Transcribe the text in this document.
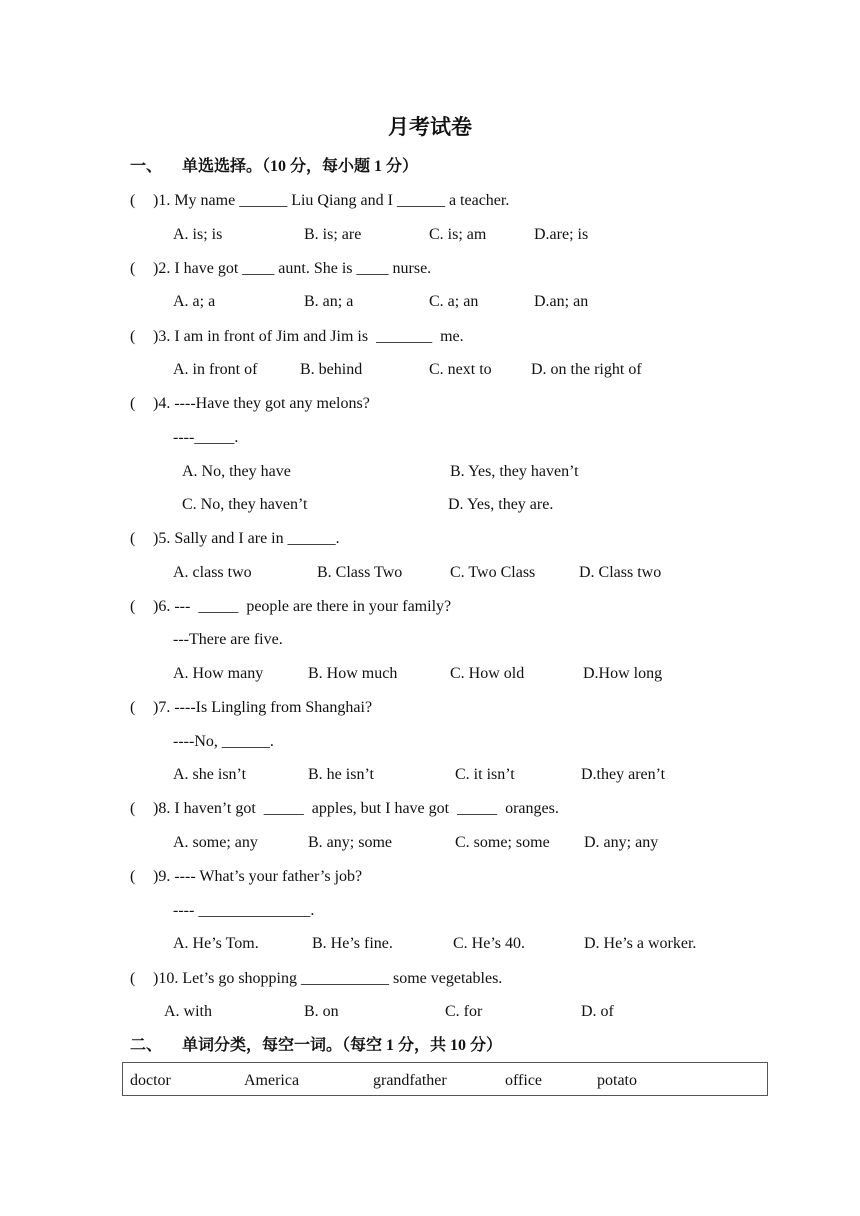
月考试卷
一、 单选选择。（10 分，每小题 1 分）
( )1. My name ______ Liu Qiang and I ______ a teacher.
A. is; is	B. is; are	C. is; am	D.are; is
( )2. I have got ____ aunt. She is ____ nurse.
A. a; a	B. an; a	C. a; an	D.an; an
( )3. I am in front of Jim and Jim is  _______  me.
A. in front of	B. behind	C. next to D. on the right of
( )4. ----Have they got any melons?
----_____.
A. No, they have	B. Yes, they haven’t
C. No, they haven’t	D. Yes, they are.
( )5. Sally and I are in ______.
A. class two	B. Class Two	C. Two Class	D. Class two
( )6. ---  _____  people are there in your family?
---There are five.
A. How many	B. How much	C. How old	D.How long
( )7. ----Is Lingling from Shanghai?
----No, ______.
A. she isn’t	B. he isn’t	C. it isn’t	D.they aren’t
( )8. I haven’t got  _____  apples, but I have got  _____  oranges.
A. some; any	B. any; some	C. some; some D. any; any
( )9. ---- What’s your father’s job?
---- ______________.
A. He’s Tom.	B. He’s fine.	C. He’s 40.	D. He’s a worker.
( )10. Let’s go shopping ___________ some vegetables.
A. with	B. on	C. for	D. of
二、 单词分类，每空一词。（每空 1 分，共 10 分）
doctor	America	grandfather	office	potato
